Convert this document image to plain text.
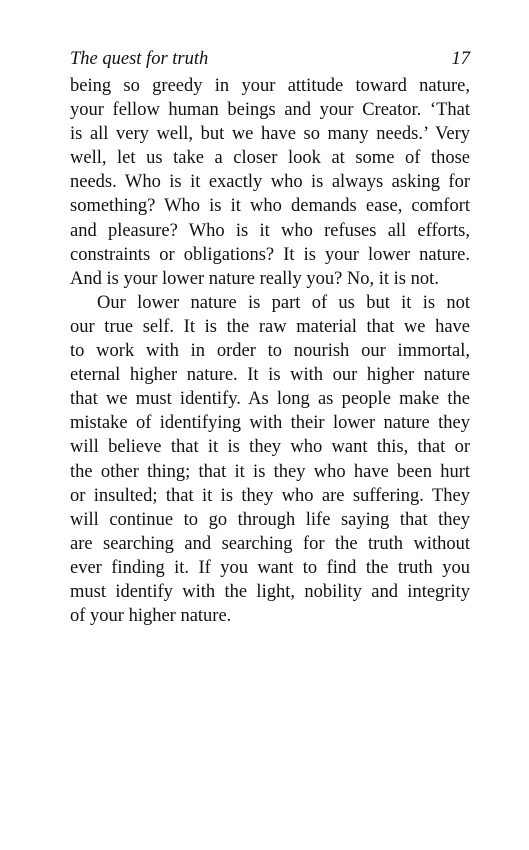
The quest for truth	17
being so greedy in your attitude toward nature,
your fellow human beings and your Creator. ‘That
is all very well, but we have so many needs.’ Very
well, let us take a closer look at some of those
needs. Who is it exactly who is always asking for
something? Who is it who demands ease, comfort
and pleasure? Who is it who refuses all efforts,
constraints or obligations? It is your lower nature.
And is your lower nature really you? No, it is not.
Our lower nature is part of us but it is not
our true self. It is the raw material that we have
to work with in order to nourish our immortal,
eternal higher nature. It is with our higher nature
that we must identify. As long as people make the
mistake of identifying with their lower nature they
will believe that it is they who want this, that or
the other thing; that it is they who have been hurt
or insulted; that it is they who are suffering. They
will continue to go through life saying that they
are searching and searching for the truth without
ever finding it. If you want to find the truth you
must identify with the light, nobility and integrity
of your higher nature.
